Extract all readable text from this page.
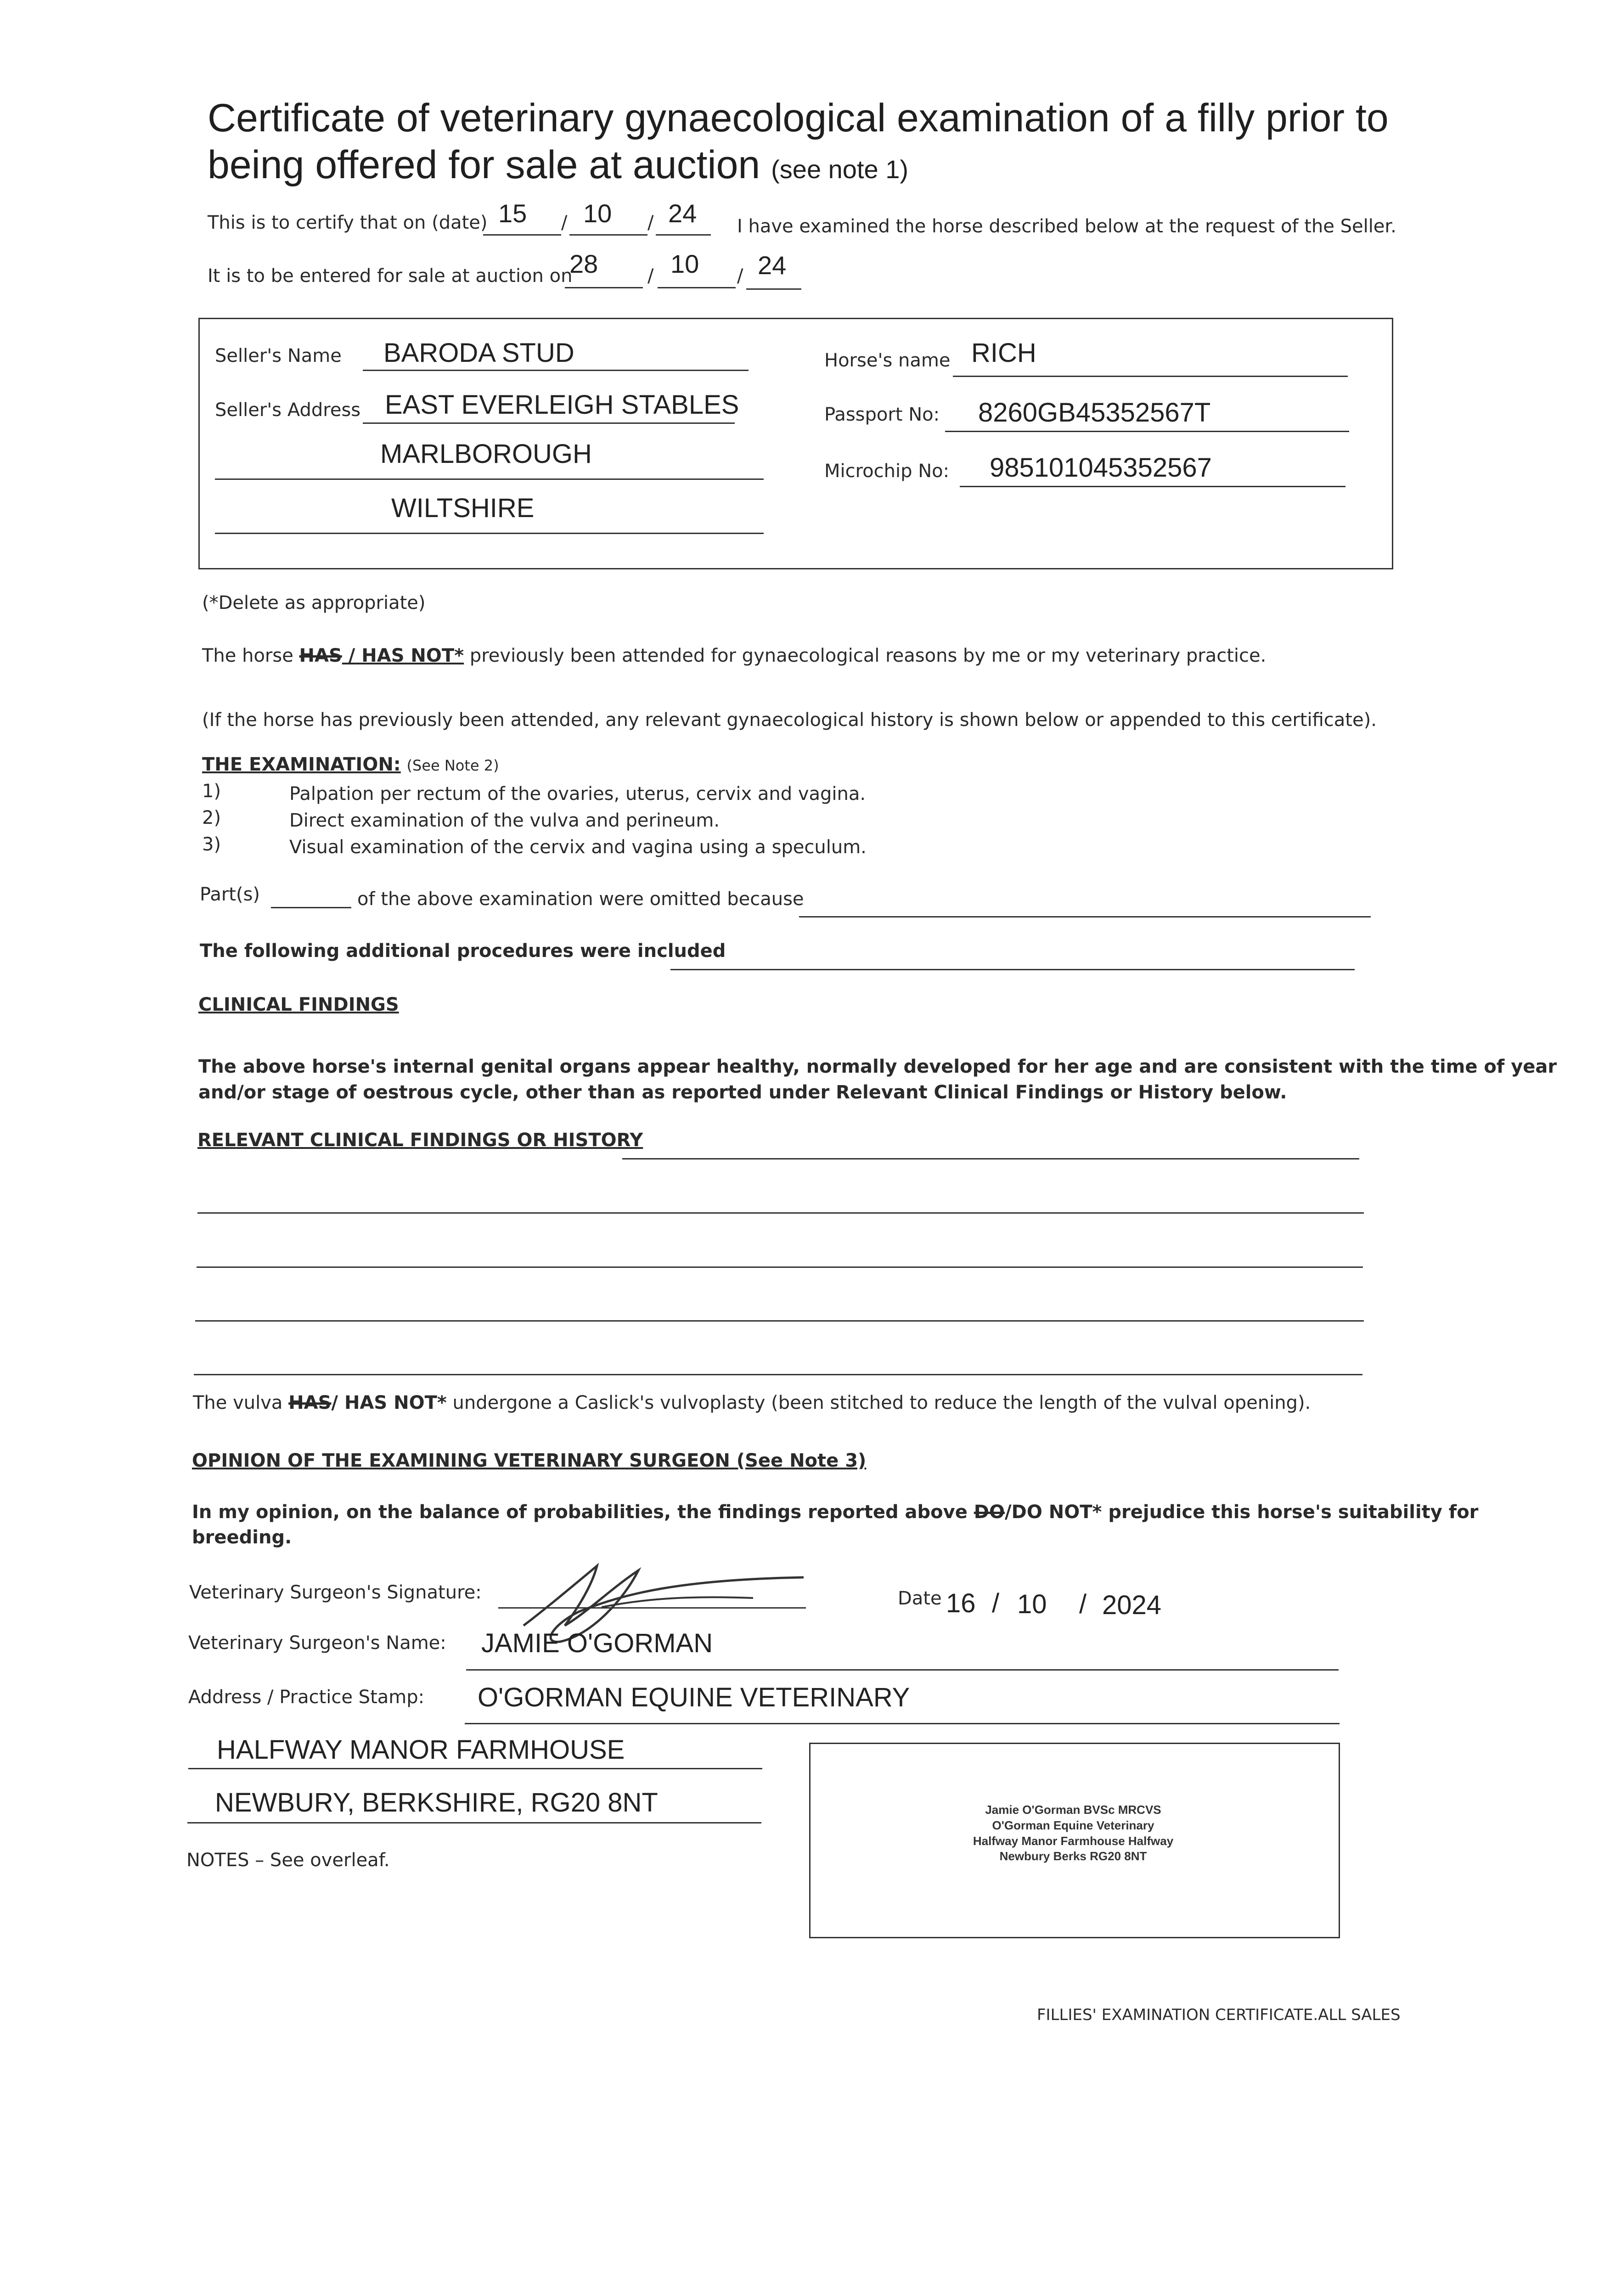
Certificate of veterinary gynaecological examination of a filly prior to
being offered for sale at auction (see note 1)
This is to certify that on (date) 15 / 10 / 24 I have examined the horse described below at the request of the Seller.
It is to be entered for sale at auction on
28	/ 10 / 24
Seller's Name BARODA STUD
Seller's Address EAST EVERLEIGH STABLES
MARLBOROUGH
WILTSHIRE
Horse's name RICH
Passport No: 8260GB45352567T
Microchip No: 985101045352567
(*Delete as appropriate)
The horse HAS / HAS NOT* previously been attended for gynaecological reasons by me or my veterinary practice.
(If the horse has previously been attended, any relevant gynaecological history is shown below or appended to this certificate).
THE EXAMINATION: (See Note 2)
1)	Palpation per rectum of the ovaries, uterus, cervix and vagina.
2)	Direct examination of the vulva and perineum.
3)	Visual examination of the cervix and vagina using a speculum.
Part(s)	of the above examination were omitted because
The following additional procedures were included
CLINICAL FINDINGS
The above horse's internal genital organs appear healthy, normally developed for her age and are consistent with the time of year
and/or stage of oestrous cycle, other than as reported under Relevant Clinical Findings or History below.
RELEVANT CLINICAL FINDINGS OR HISTORY
The vulva HAS/ HAS NOT* undergone a Caslick's vulvoplasty (been stitched to reduce the length of the vulval opening).
OPINION OF THE EXAMINING VETERINARY SURGEON (See Note 3)
In my opinion, on the balance of probabilities, the findings reported above DO/DO NOT* prejudice this horse's suitability for
breeding.
Veterinary Surgeon's Signature:	Date 16 / 10 / 2024
Veterinary Surgeon's Name: JAMIE O'GORMAN
Address / Practice Stamp: O'GORMAN EQUINE VETERINARY
HALFWAY MANOR FARMHOUSE
NEWBURY, BERKSHIRE, RG20 8NT	Jamie O'Gorman BVSc MRCVS
O'Gorman Equine Veterinary
Halfway Manor Farmhouse Halfway
Newbury Berks RG20 8NT
NOTES – See overleaf.
FILLIES' EXAMINATION CERTIFICATE.ALL SALES
